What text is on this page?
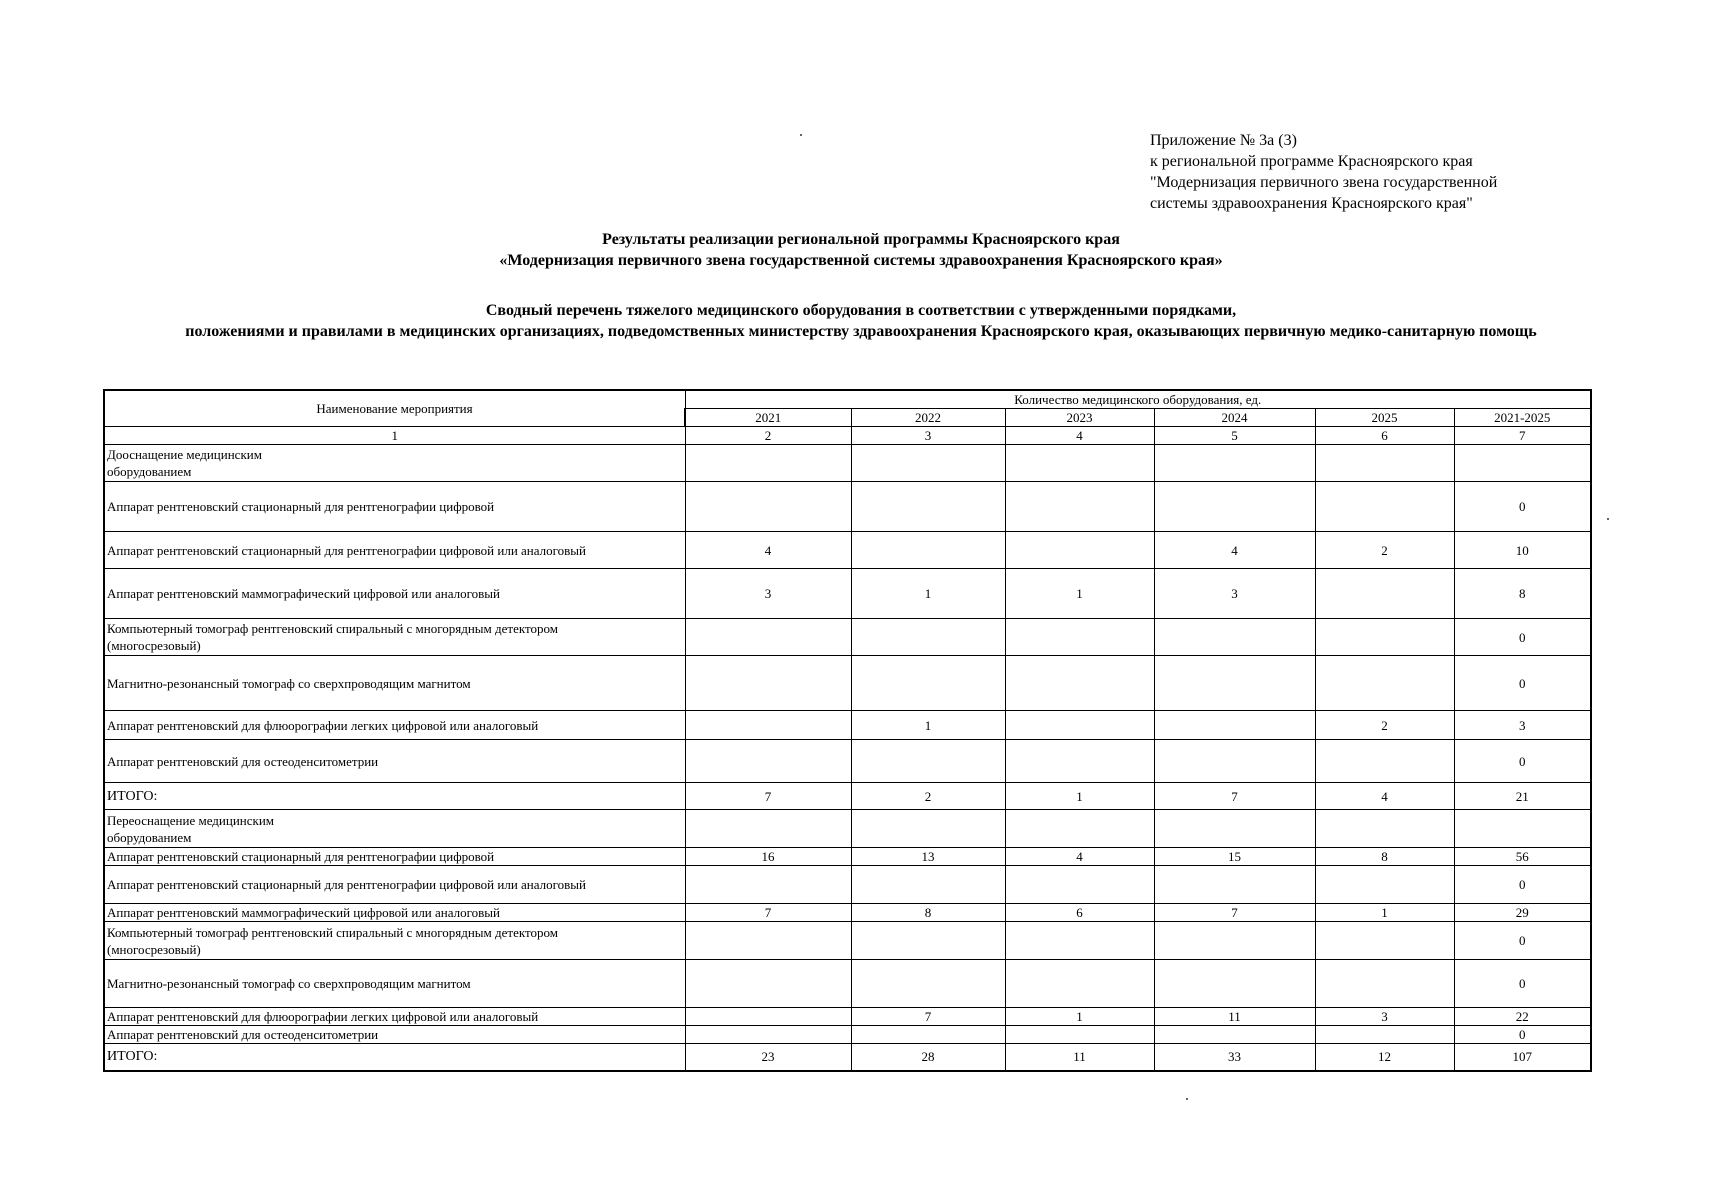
Приложение № 3а (3)
к региональной программе Красноярского края
"Модернизация первичного звена государственной
системы здравоохранения Красноярского края"
Результаты реализации региональной программы Красноярского края
«Модернизация первичного звена государственной системы здравоохранения Красноярского края»
Сводный перечень тяжелого медицинского оборудования в соответствии с утвержденными порядками,
положениями и правилами в медицинских организациях, подведомственных министерству здравоохранения Красноярского края, оказывающих первичную медико-санитарную помощь
Наименование мероприятия	Количество медицинского оборудования, ед.					
	2021	2022	2023	2024	2025	2021-2025
1	2	3	4	5	6	7

Дооснащение медицинским
оборудованием						

Аппарат рентгеновский стационарный для рентгенографии цифровой						0

Аппарат рентгеновский стационарный для рентгенографии цифровой или аналоговый	4			4	2	10

Аппарат рентгеновский маммографический цифровой или аналоговый	3	1	1	3		8

Компьютерный томограф рентгеновский спиральный с многорядным детектором
(многосрезовый)						0

Магнитно-резонансный томограф со сверхпроводящим магнитом						0

Аппарат рентгеновский для флюорографии легких цифровой или аналоговый		1			2	3

Аппарат рентгеновский для остеоденситометрии						0

ИТОГО:	7	2	1	7	4	21

Переоснащение медицинским
оборудованием						

Аппарат рентгеновский стационарный для рентгенографии цифровой	16	13	4	15	8	56

Аппарат рентгеновский стационарный для рентгенографии цифровой или аналоговый						0

Аппарат рентгеновский маммографический цифровой или аналоговый	7	8	6	7	1	29

Компьютерный томограф рентгеновский спиральный с многорядным детектором
(многосрезовый)						0

Магнитно-резонансный томограф со сверхпроводящим магнитом						0

Аппарат рентгеновский для флюорографии легких цифровой или аналоговый		7	1	11	3	22

Аппарат рентгеновский для остеоденситометрии						0

ИТОГО:	23	28	11	33	12	107
